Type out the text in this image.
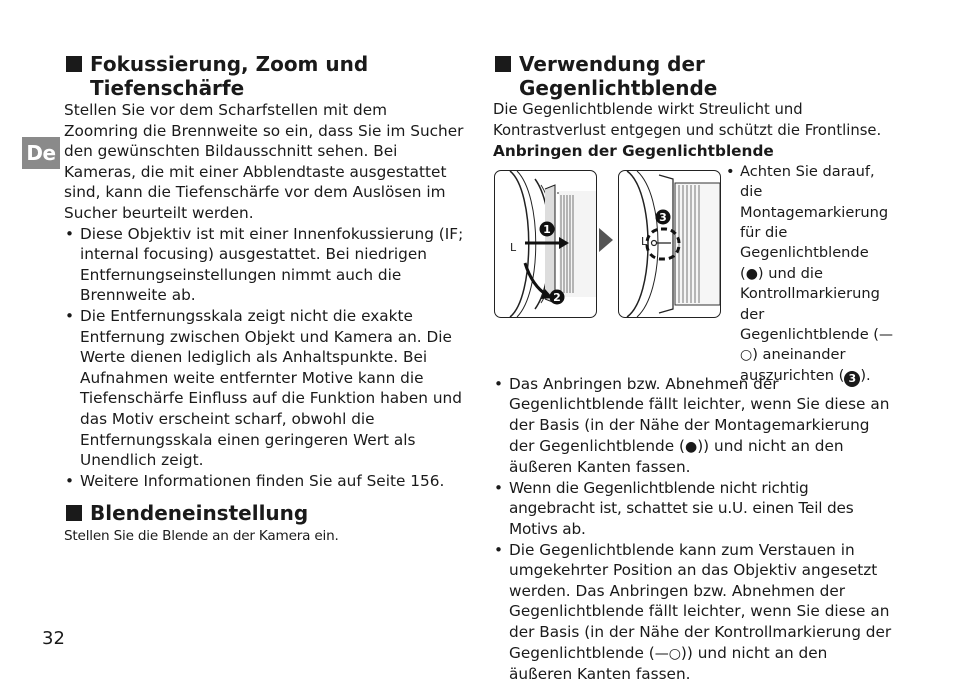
De
32
Fokussierung, Zoom und
Tiefenschärfe

Stellen Sie vor dem Scharfstellen mit dem Zoomring die Brennweite so ein, dass Sie im Sucher den gewünschten Bildausschnitt sehen. Bei Kameras, die mit einer Abblendtaste ausgestattet sind, kann die Tiefenschärfe vor dem Auslösen im Sucher beurteilt werden.

• Diese Objektiv ist mit einer Innenfokussierung (IF; internal focusing) ausgestattet. Bei niedrigen Entfernungseinstellungen nimmt auch die Brennweite ab.
• Die Entfernungsskala zeigt nicht die exakte Entfernung zwischen Objekt und Kamera an. Die Werte dienen lediglich als Anhaltspunkte. Bei Aufnahmen weite entfernter Motive kann die Tiefenschärfe Einfluss auf die Funktion haben und das Motiv erscheint scharf, obwohl die Entfernungsskala einen geringeren Wert als Unendlich zeigt.
• Weitere Informationen finden Sie auf Seite 156.
Blendeneinstellung

Stellen Sie die Blende an der Kamera ein.

Verwendung der Gegenlichtblende

Die Gegenlichtblende wirkt Streulicht und Kontrastverlust entgegen und schützt die Frontlinse.

Anbringen der Gegenlichtblende

L
1
2
L
3
• Achten Sie darauf, die Montagemarkierung für die Gegenlichtblende (●) und die Kontrollmarkierung der Gegenlichtblende (—○) aneinander auszurichten ( 3 ).
• Das Anbringen bzw. Abnehmen der Gegenlichtblende fällt leichter, wenn Sie diese an der Basis (in der Nähe der Montagemarkierung der Gegenlichtblende (●)) und nicht an den äußeren Kanten fassen.
• Wenn die Gegenlichtblende nicht richtig angebracht ist, schattet sie u.U. einen Teil des Motivs ab.
• Die Gegenlichtblende kann zum Verstauen in umgekehrter Position an das Objektiv angesetzt werden. Das Anbringen bzw. Abnehmen der Gegenlichtblende fällt leichter, wenn Sie diese an der Basis (in der Nähe der Kontrollmarkierung der Gegenlichtblende (—○)) und nicht an den äußeren Kanten fassen.
